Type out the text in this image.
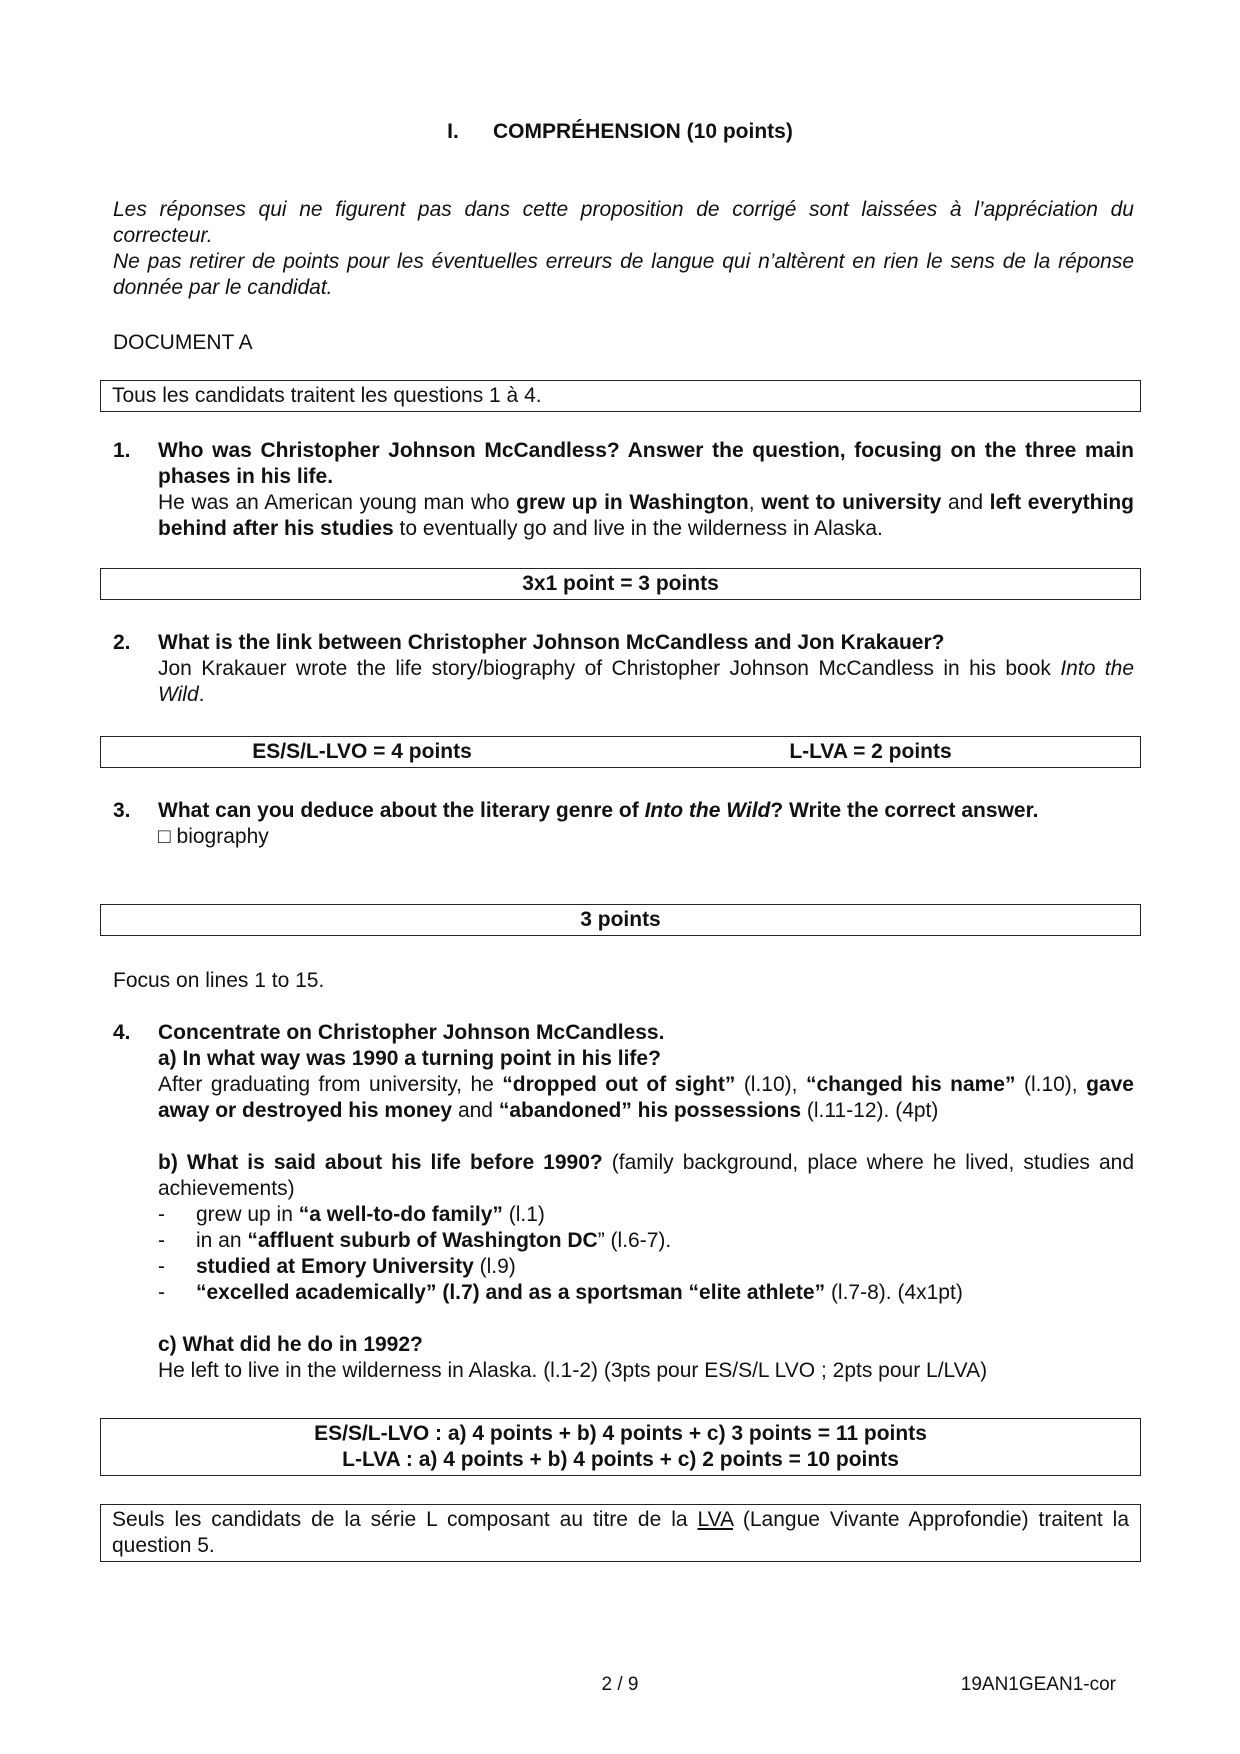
I. COMPRÉHENSION (10 points)

Les réponses qui ne figurent pas dans cette proposition de corrigé sont laissées à l’appréciation du correcteur.

Ne pas retirer de points pour les éventuelles erreurs de langue qui n’altèrent en rien le sens de la réponse donnée par le candidat.

DOCUMENT A
Tous les candidats traitent les questions 1 à 4.
1. Who was Christopher Johnson McCandless? Answer the question, focusing on the three main phases in his life.
He was an American young man who grew up in Washington, went to university and left everything behind after his studies to eventually go and live in the wilderness in Alaska.
3x1 point = 3 points
2. What is the link between Christopher Johnson McCandless and Jon Krakauer?
Jon Krakauer wrote the life story/biography of Christopher Johnson McCandless in his book Into the Wild.
ES/S/L-LVO = 4 points	L-LVA = 2 points
3. What can you deduce about the literary genre of Into the Wild? Write the correct answer.
□ biography
3 points
Focus on lines 1 to 15.
4. Concentrate on Christopher Johnson McCandless.
a) In what way was 1990 a turning point in his life?
After graduating from university, he “dropped out of sight” (l.10), “changed his name” (l.10), gave away or destroyed his money and “abandoned” his possessions (l.11-12). (4pt)
b) What is said about his life before 1990? (family background, place where he lived, studies and achievements)
- grew up in “a well-to-do family” (l.1)
- in an “affluent suburb of Washington DC” (l.6-7).
- studied at Emory University (l.9)
- “excelled academically” (l.7) and as a sportsman “elite athlete” (l.7-8). (4x1pt)
c) What did he do in 1992?
He left to live in the wilderness in Alaska. (l.1-2) (3pts pour ES/S/L LVO ; 2pts pour L/LVA)
ES/S/L-LVO : a) 4 points + b) 4 points + c) 3 points = 11 points
L-LVA : a) 4 points + b) 4 points + c) 2 points = 10 points
Seuls les candidats de la série L composant au titre de la LVA (Langue Vivante Approfondie) traitent la question 5.
2 / 9	19AN1GEAN1-cor
